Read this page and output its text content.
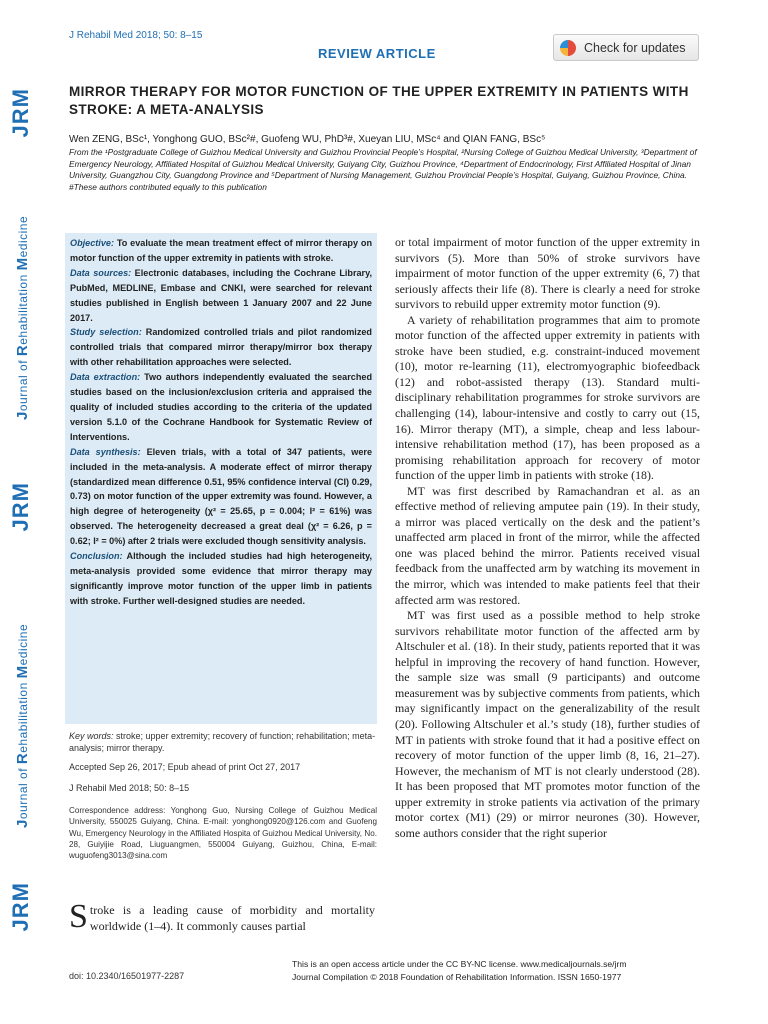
JRM
Journal of Rehabilitation Medicine
JRM
Journal of Rehabilitation Medicine
JRM
J Rehabil Med 2018; 50: 8–15
REVIEW ARTICLE	Check for updates
MIRROR THERAPY FOR MOTOR FUNCTION OF THE UPPER EXTREMITY IN PATIENTS WITH STROKE: A META-ANALYSIS
Wen ZENG, BSc¹, Yonghong GUO, BSc²#, Guofeng WU, PhD³#, Xueyan LIU, MSc⁴ and QIAN FANG, BSc⁵
From the ¹Postgraduate College of Guizhou Medical University and Guizhou Provincial People’s Hospital, ²Nursing College of Guizhou Medical University, ³Department of Emergency Neurology, Affiliated Hospital of Guizhou Medical University, Guiyang City, Guizhou Province, ⁴Department of Endocrinology, First Affiliated Hospital of Jinan University, Guangzhou City, Guangdong Province and ⁵Department of Nursing Management, Guizhou Provincial People’s Hospital, Guiyang, Guizhou Province, China. #These authors contributed equally to this publication

Objective: To evaluate the mean treatment effect of mirror therapy on motor function of the upper extremity in patients with stroke.

Data sources: Electronic databases, including the Cochrane Library, PubMed, MEDLINE, Embase and CNKI, were searched for relevant studies published in English between 1 January 2007 and 22 June 2017.

Study selection: Randomized controlled trials and pilot randomized controlled trials that compared mirror therapy/mirror box therapy with other rehabilitation approaches were selected.

Data extraction: Two authors independently evaluated the searched studies based on the inclusion/exclusion criteria and appraised the quality of included studies according to the criteria of the updated version 5.1.0 of the Cochrane Handbook for Systematic Review of Interventions.

Data synthesis: Eleven trials, with a total of 347 patients, were included in the meta-analysis. A moderate effect of mirror therapy (standardized mean difference 0.51, 95% confidence interval (CI) 0.29, 0.73) on motor function of the upper extremity was found. However, a high degree of heterogeneity (χ² = 25.65, p = 0.004; I² = 61%) was observed. The heterogeneity decreased a great deal (χ² = 6.26, p = 0.62; I² = 0%) after 2 trials were excluded though sensitivity analysis.

Conclusion: Although the included studies had high heterogeneity, meta-analysis provided some evidence that mirror therapy may significantly improve motor function of the upper limb in patients with stroke. Further well-designed studies are needed.

Key words: stroke; upper extremity; recovery of function; rehabilitation; meta-analysis; mirror therapy.
Accepted Sep 26, 2017; Epub ahead of print Oct 27, 2017
J Rehabil Med 2018; 50: 8–15
Correspondence address: Yonghong Guo, Nursing College of Guizhou Medical University, 550025 Guiyang, China. E-mail: yonghong0920@126.com and Guofeng Wu, Emergency Neurology in the Affiliated Hospita of Guizhou Medical University, No. 28, Guiyijie Road, Liuguangmen, 550004 Guiyang, Guizhou, China, E-mail: wuguofeng3013@sina.com
Stroke is a leading cause of morbidity and mortality worldwide (1–4). It commonly causes partial

or total impairment of motor function of the upper extremity in survivors (5). More than 50% of stroke survivors have impairment of motor function of the upper extremity (6, 7) that seriously affects their life (8). There is clearly a need for stroke survivors to rebuild upper extremity motor function (9).

A variety of rehabilitation programmes that aim to promote motor function of the affected upper extremity in patients with stroke have been studied, e.g. constraint-induced movement (10), motor re-learning (11), electromyographic biofeedback (12) and robot-assisted therapy (13). Standard multi-disciplinary rehabilitation programmes for stroke survivors are challenging (14), labour-intensive and costly to carry out (15, 16). Mirror therapy (MT), a simple, cheap and less labour-intensive rehabilitation method (17), has been proposed as a promising rehabilitation approach for recovery of motor function of the upper limb in patients with stroke (18).

MT was first described by Ramachandran et al. as an effective method of relieving amputee pain (19). In their study, a mirror was placed vertically on the desk and the patient’s unaffected arm placed in front of the mirror, while the affected one was placed behind the mirror. Patients received visual feedback from the unaffected arm by watching its movement in the mirror, which was intended to make patients feel that their affected arm was restored.

MT was first used as a possible method to help stroke survivors rehabilitate motor function of the affected arm by Altschuler et al. (18). In their study, patients reported that it was helpful in improving the recovery of hand function. However, the sample size was small (9 participants) and outcome measurement was by subjective comments from patients, which may significantly impact on the generalizability of the result (20). Following Altschuler et al.’s study (18), further studies of MT in patients with stroke found that it had a positive effect on recovery of motor function of the upper limb (8, 16, 21–27). However, the mechanism of MT is not clearly understood (28). It has been proposed that MT promotes motor function of the upper extremity in stroke patients via activation of the primary motor cortex (M1) (29) or mirror neurones (30). However, some authors consider that the right superior

doi: 10.2340/16501977-2287
This is an open access article under the CC BY-NC license. www.medicaljournals.se/jrm
Journal Compilation © 2018 Foundation of Rehabilitation Information. ISSN 1650-1977
